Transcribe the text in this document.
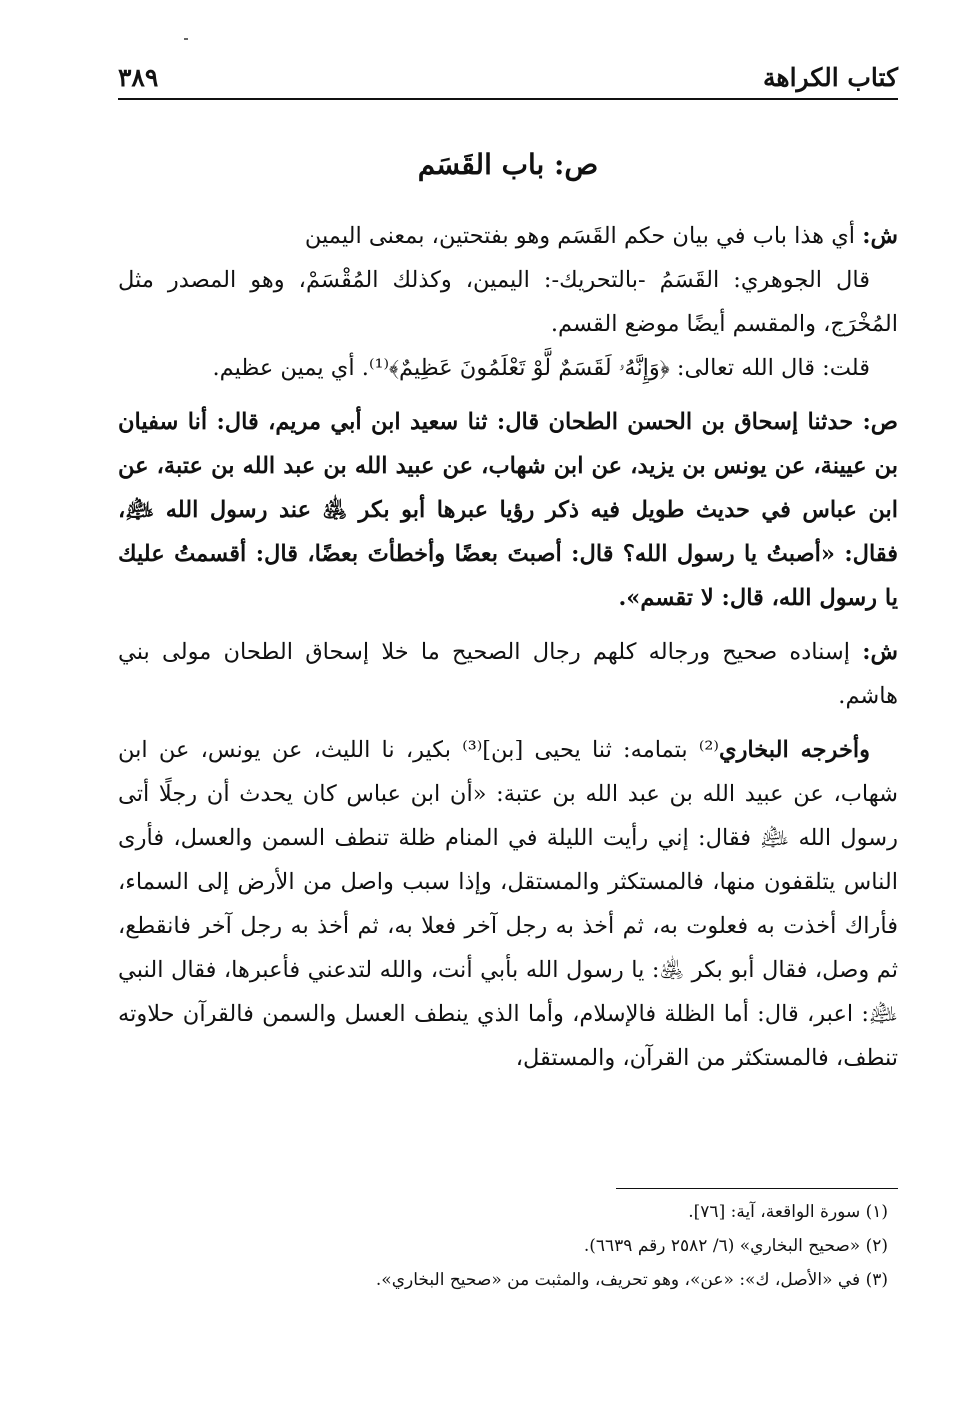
كتاب الكراهة
٣٨٩
ص: باب القَسَم

ش: أي هذا باب في بيان حكم القَسَم وهو بفتحتين، بمعنى اليمين

قال الجوهري: القَسَمُ -بالتحريك-: اليمين، وكذلك المُقْسَمْ، وهو المصدر مثل المُخْرَج، والمقسم أيضًا موضع القسم.

قلت: قال الله تعالى: ﴿وَإِنَّهُۥ لَقَسَمٌ لَّوْ تَعْلَمُونَ عَظِيمٌ﴾⁽¹⁾. أي يمين عظيم.

ص: حدثنا إسحاق بن الحسن الطحان قال: ثنا سعيد ابن أبي مريم، قال: أنا سفيان بن عيينة، عن يونس بن يزيد، عن ابن شهاب، عن عبيد الله بن عبد الله بن عتبة، عن ابن عباس في حديث طويل فيه ذكر رؤيا عبرها أبو بكر ﵁ عند رسول الله ﵇، فقال: «أصبتُ يا رسول الله؟ قال: أصبتَ بعضًا وأخطأتَ بعضًا، قال: أقسمتُ عليك يا رسول الله، قال: لا تقسم».

ش: إسناده صحيح ورجاله كلهم رجال الصحيح ما خلا إسحاق الطحان مولى بني هاشم.

وأخرجه البخاري⁽²⁾ بتمامه: ثنا يحيى [بن]⁽³⁾ بكير، نا الليث، عن يونس، عن ابن شهاب، عن عبيد الله بن عبد الله بن عتبة: «أن ابن عباس كان يحدث أن رجلًا أتى رسول الله ﵇ فقال: إني رأيت الليلة في المنام ظلة تنطف السمن والعسل، فأرى الناس يتلقفون منها، فالمستكثر والمستقل، وإذا سبب واصل من الأرض إلى السماء، فأراك أخذت به فعلوت به، ثم أخذ به رجل آخر فعلا به، ثم أخذ به رجل آخر فانقطع، ثم وصل، فقال أبو بكر ﵁: يا رسول الله بأبي أنت، والله لتدعني فأعبرها، فقال النبي ﵇: اعبر، قال: أما الظلة فالإسلام، وأما الذي ينطف العسل والسمن فالقرآن حلاوته تنطف، فالمستكثر من القرآن، والمستقل،

(١) سورة الواقعة، آية: [٧٦].

(٢) «صحيح البخاري» (٦/ ٢٥٨٢ رقم ٦٦٣٩).

(٣) في «الأصل، ك»: «عن»، وهو تحريف، والمثبت من «صحيح البخاري».
